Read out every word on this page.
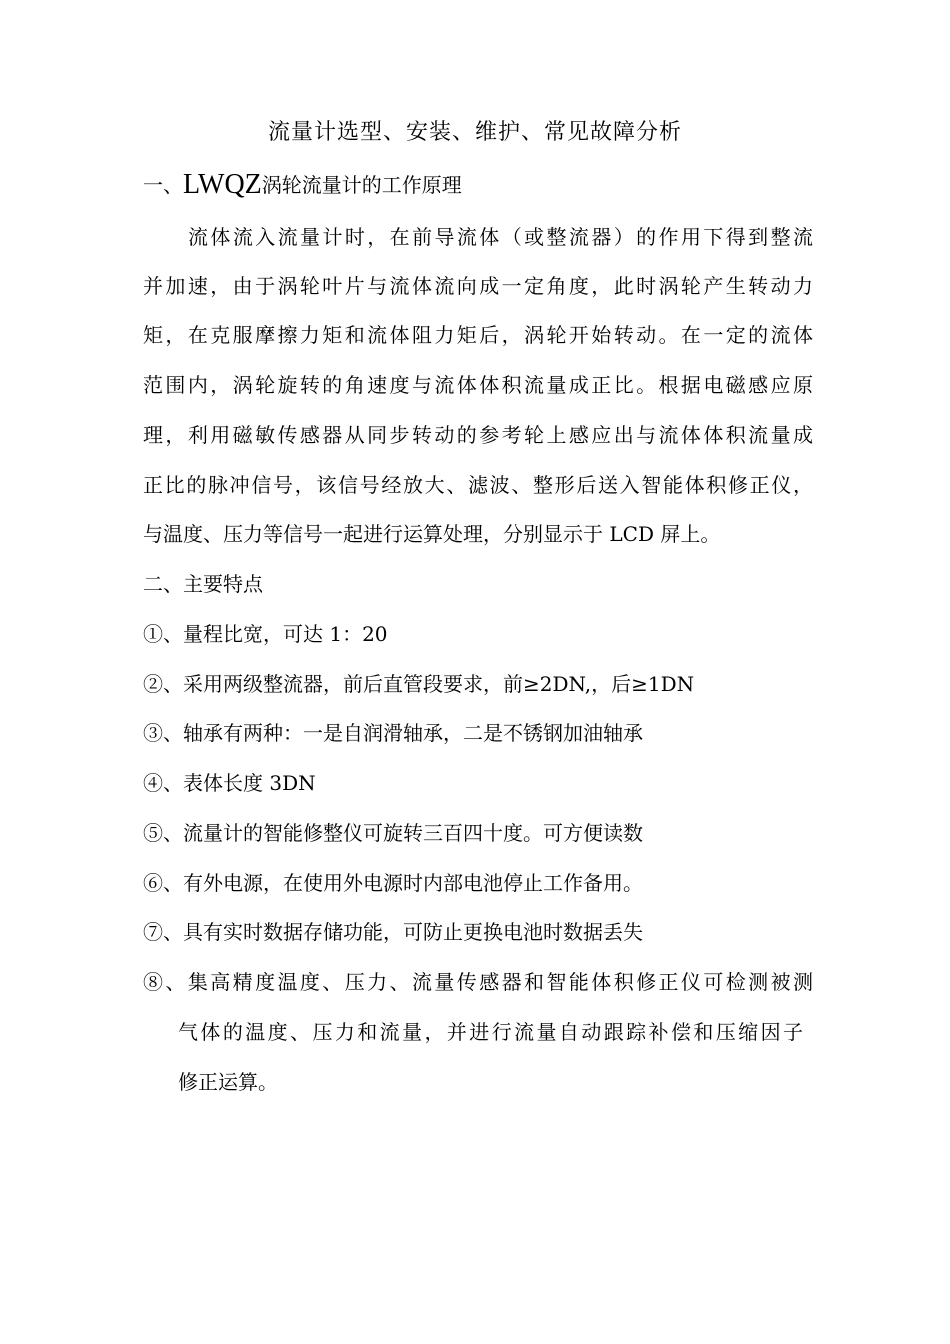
流量计选型、安装、维护、常见故障分析
一、LWQZ涡轮流量计的工作原理
流体流入流量计时，在前导流体（或整流器）的作用下得到整流
并加速，由于涡轮叶片与流体流向成一定角度，此时涡轮产生转动力
矩，在克服摩擦力矩和流体阻力矩后，涡轮开始转动。在一定的流体
范围内，涡轮旋转的角速度与流体体积流量成正比。根据电磁感应原
理，利用磁敏传感器从同步转动的参考轮上感应出与流体体积流量成
正比的脉冲信号，该信号经放大、滤波、整形后送入智能体积修正仪，
与温度、压力等信号一起进行运算处理，分别显示于 LCD 屏上。
二、主要特点
①、量程比宽，可达 1：20
②、采用两级整流器，前后直管段要求，前≥2DN,，后≥1DN
③、轴承有两种：一是自润滑轴承，二是不锈钢加油轴承
④、表体长度 3DN
⑤、流量计的智能修整仪可旋转三百四十度。可方便读数
⑥、有外电源，在使用外电源时内部电池停止工作备用。
⑦、具有实时数据存储功能，可防止更换电池时数据丢失
⑧、集高精度温度、压力、流量传感器和智能体积修正仪可检测被测
气体的温度、压力和流量，并进行流量自动跟踪补偿和压缩因子
修正运算。
